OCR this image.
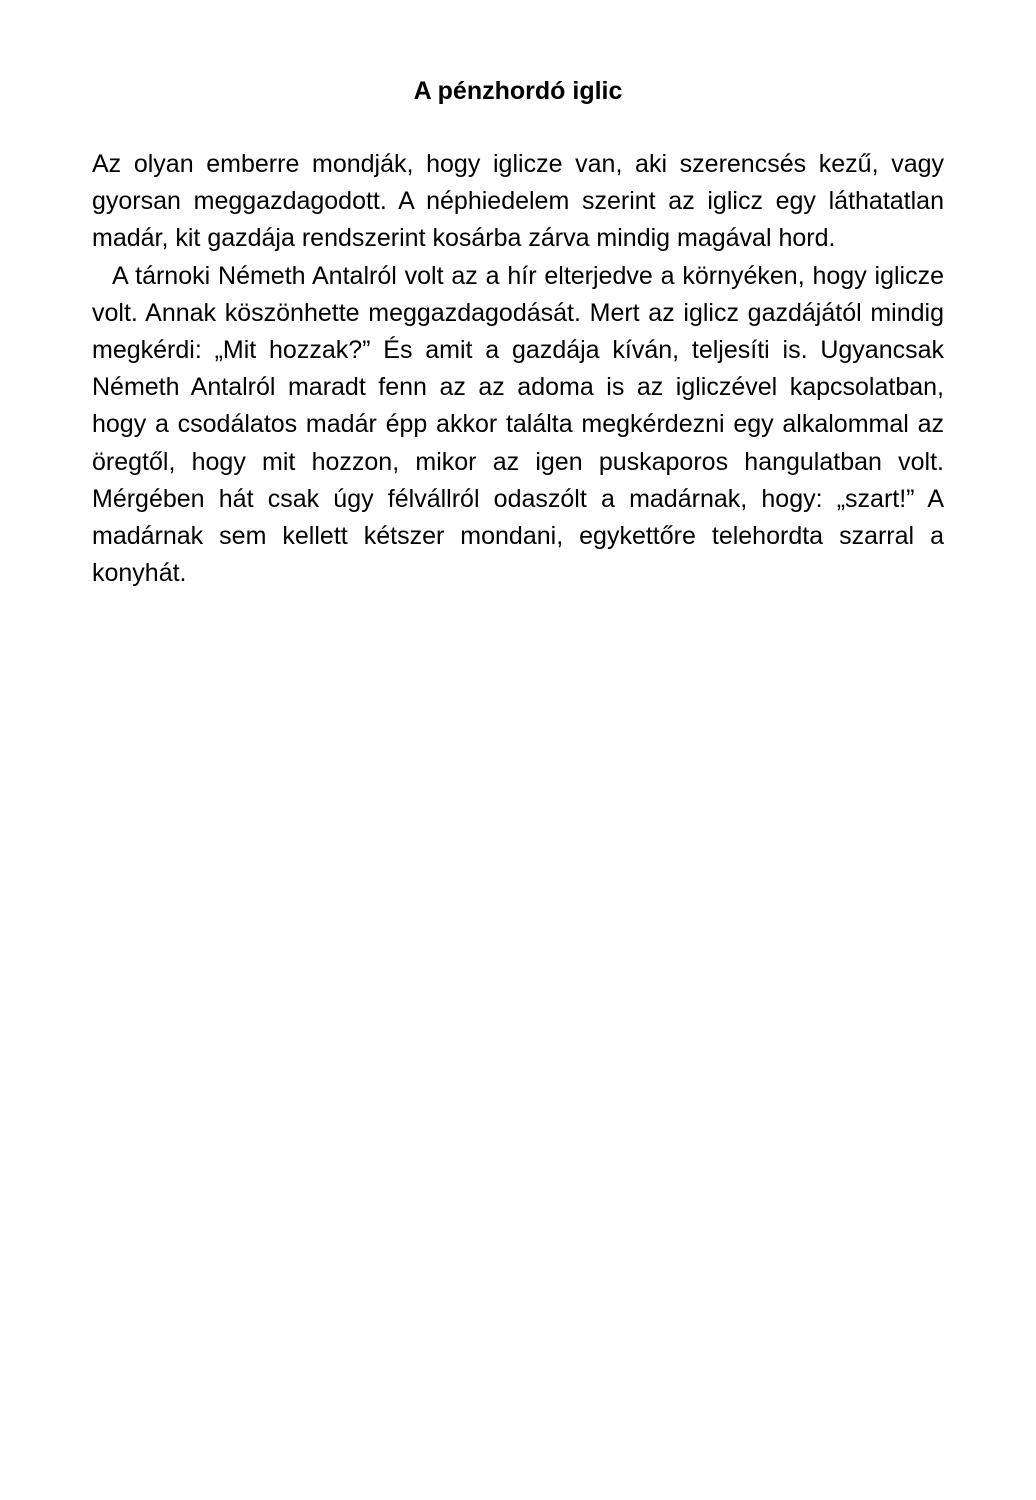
A pénzhordó iglic

Az olyan emberre mondják, hogy iglicze van, aki szerencsés kezű, vagy gyorsan meggazdagodott. A néphiedelem szerint az iglicz egy láthatatlan madár, kit gazdája rendszerint kosárba zárva mindig magával hord.

A tárnoki Németh Antalról volt az a hír elterjedve a környéken, hogy iglicze volt. Annak köszönhette meggazdagodását. Mert az iglicz gazdájától mindig megkérdi: „Mit hozzak?” És amit a gazdája kíván, teljesíti is. Ugyancsak Németh Antalról maradt fenn az az adoma is az igliczével kapcsolatban, hogy a csodálatos madár épp akkor találta megkérdezni egy alkalommal az öregtől, hogy mit hozzon, mikor az igen puskaporos hangulatban volt. Mérgében hát csak úgy félvállról odaszólt a madárnak, hogy: „szart!” A madárnak sem kellett kétszer mondani, egykettőre telehordta szarral a konyhát.
